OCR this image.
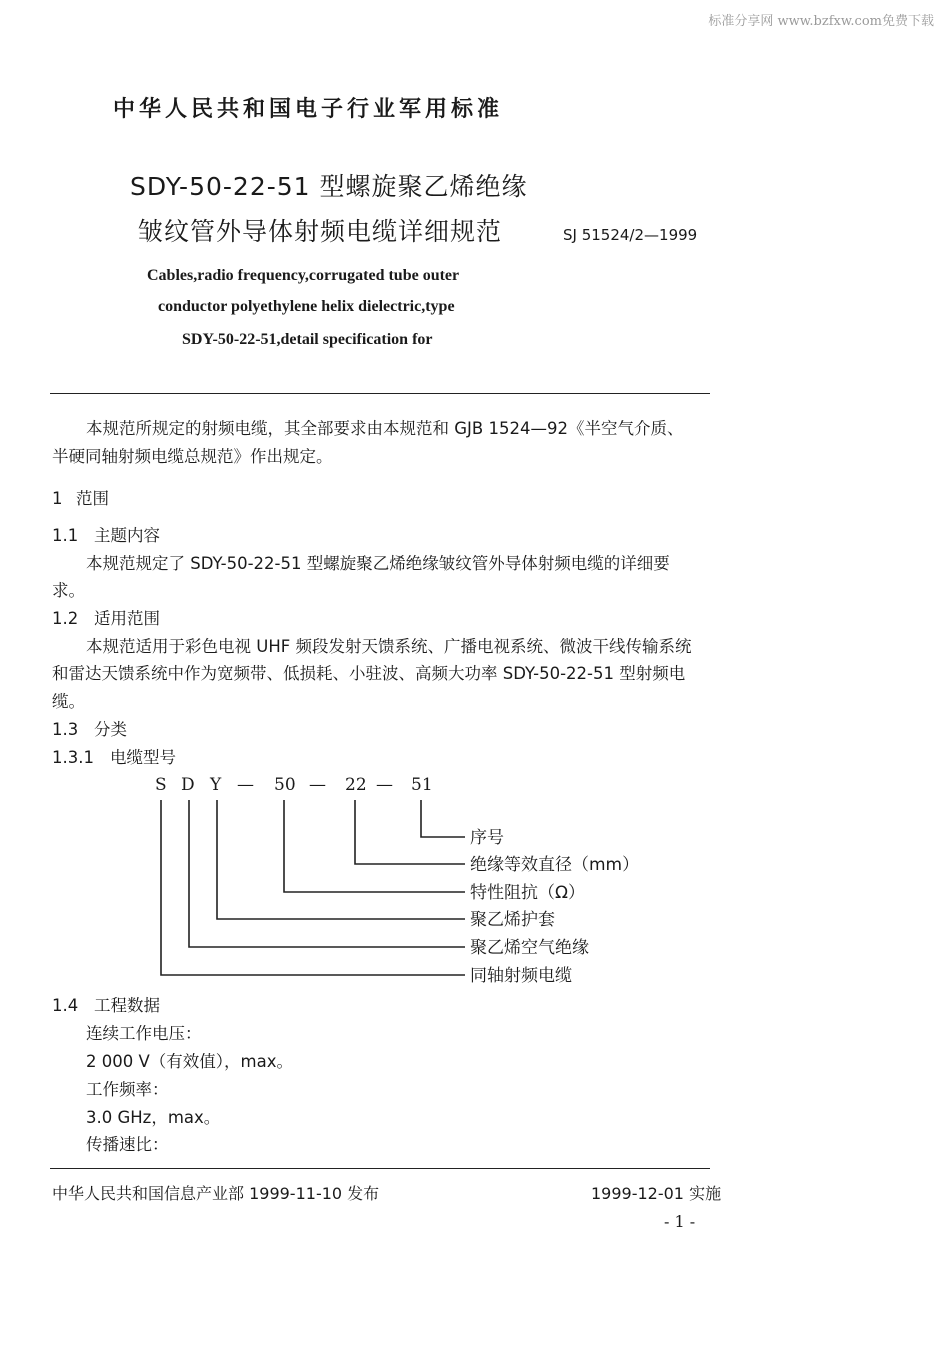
标准分享网 www.bzfxw.com免费下载
中华人民共和国电子行业军用标准
SDY-50-22-51 型螺旋聚乙烯绝缘
皱纹管外导体射频电缆详细规范	SJ 51524/2—1999
Cables,radio frequency,corrugated tube outer
conductor polyethylene helix dielectric,type
SDY-50-22-51,detail specification for
本规范所规定的射频电缆，其全部要求由本规范和 GJB 1524—92《半空气介质、
半硬同轴射频电缆总规范》作出规定。
1 范围
1.1 主题内容
本规范规定了 SDY-50-22-51 型螺旋聚乙烯绝缘皱纹管外导体射频电缆的详细要
求。
1.2 适用范围
本规范适用于彩色电视 UHF 频段发射天馈系统、广播电视系统、微波干线传输系统
和雷达天馈系统中作为宽频带、低损耗、小驻波、高频大功率 SDY-50-22-51 型射频电
缆。
1.3 分类
1.3.1 电缆型号
S D Y — 50 — 22 — 51
序号
绝缘等效直径（mm）
特性阻抗（Ω）
聚乙烯护套
聚乙烯空气绝缘
同轴射频电缆
1.4 工程数据
连续工作电压：
2 000 V（有效值），max。
工作频率：
3.0 GHz，max。
传播速比：
中华人民共和国信息产业部 1999-11-10 发布	1999-12-01 实施
- 1 -
